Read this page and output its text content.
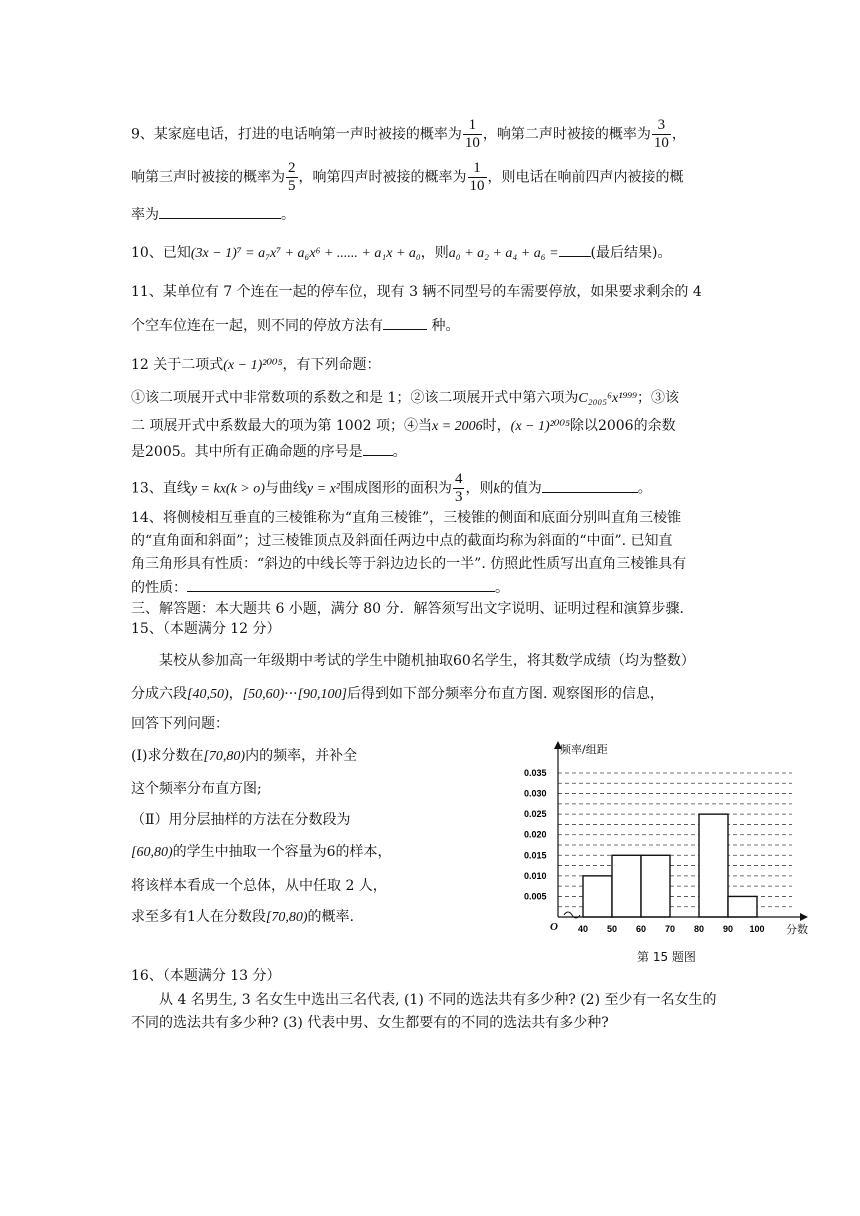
9、某家庭电话，打进的电话响第一声时被接的概率为 $\frac{1}{10}$ ，响第二声时被接的概率为 $\frac{3}{10}$ ，
响第三声时被接的概率为 $\frac{2}{5}$ ，响第四声时被接的概率为 $\frac{1}{10}$ ，则电话在响前四声内被接的概
率为	。
10、已知(3x − 1)⁷ = a₇x⁷ + a₆x⁶ + ...... + a₁x + a₀，则a₀ + a₂ + a₄ + a₆ = (最后结果)。
11、某单位有 7 个连在一起的停车位，现有 3 辆不同型号的车需要停放，如果要求剩余的 4
个空车位连在一起，则不同的停放方法有	种。
12 关于二项式(x − 1)²⁰⁰⁵，有下列命题：
①该二项展开式中非常数项的系数之和是 1；②该二项展开式中第六项为C₂₀₀₅⁶x¹⁹⁹⁹；③该
二 项展开式中系数最大的项为第 1002 项；④当x = 2006时，(x − 1)²⁰⁰⁵除以2006的余数
是2005。其中所有正确命题的序号是 。
13、直线y = kx(k > o)与曲线y = x²围成图形的面积为 $\frac{4}{3}$ ，则k的值为	。
14、将侧棱相互垂直的三棱锥称为“直角三棱锥”，三棱锥的侧面和底面分别叫直角三棱锥
的“直角面和斜面”；过三棱锥顶点及斜面任两边中点的截面均称为斜面的“中面”. 已知直
角三角形具有性质：“斜边的中线长等于斜边边长的一半”. 仿照此性质写出直角三棱锥具有
的性质：	。
三、解答题：本大题共 6 小题，满分 80 分．解答须写出文字说明、证明过程和演算步骤．
15、（本题满分 12 分）
某校从参加高一年级期中考试的学生中随机抽取60名学生，将其数学成绩（均为整数）
分成六段[40,50)，[50,60)···[90,100]后得到如下部分频率分布直方图. 观察图形的信息，
回答下列问题：
(Ⅰ)求分数在[70,80)内的频率，并补全
这个频率分布直方图;
（Ⅱ）用分层抽样的方法在分数段为
[60,80)的学生中抽取一个容量为6的样本，
将该样本看成一个总体，从中任取 2 人，
求至多有1人在分数段[70,80)的概率.
0.005
0.010
0.015
0.020
0.025
0.030
0.035
40 50 60 70 80 90 100
频率/组距
分数
O
第 15 题图
16、（本题满分 13 分）
从 4 名男生, 3 名女生中选出三名代表, (1) 不同的选法共有多少种? (2) 至少有一名女生的
不同的选法共有多少种? (3) 代表中男、女生都要有的不同的选法共有多少种?
